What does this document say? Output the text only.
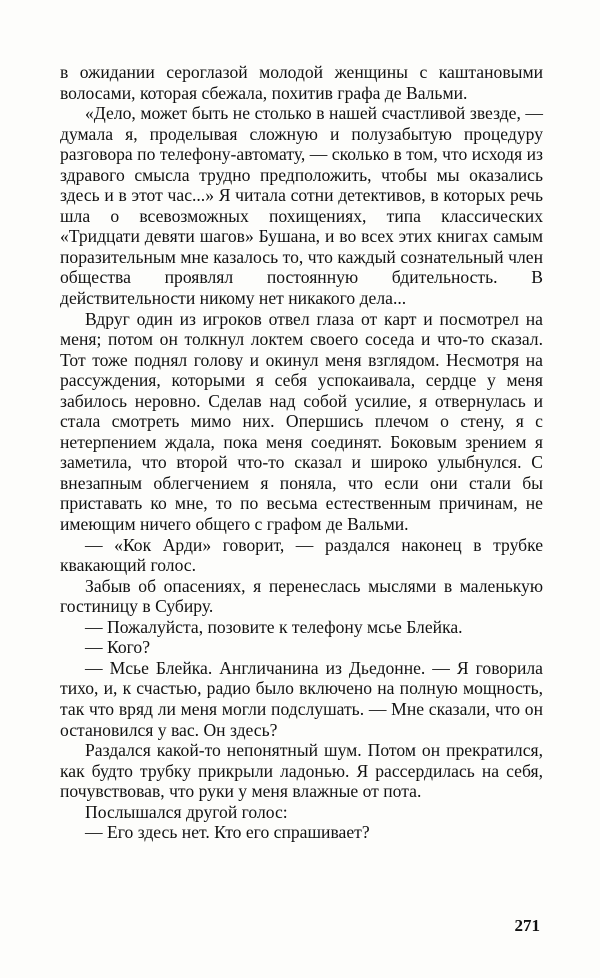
в ожидании сероглазой молодой женщины с каштановыми волосами, которая сбежала, похитив графа де Вальми.

«Дело, может быть не столько в нашей счастливой звезде, — думала я, проделывая сложную и полузабытую процедуру разговора по телефону-автомату, — сколько в том, что исходя из здравого смысла трудно предположить, чтобы мы оказались здесь и в этот час...» Я читала сотни детективов, в которых речь шла о всевозможных похищениях, типа классических «Тридцати девяти шагов» Бушана, и во всех этих книгах самым поразительным мне казалось то, что каждый сознательный член общества проявлял постоянную бдительность. В действительности никому нет никакого дела...

Вдруг один из игроков отвел глаза от карт и посмотрел на меня; потом он толкнул локтем своего соседа и что-то сказал. Тот тоже поднял голову и окинул меня взглядом. Несмотря на рассуждения, которыми я себя успокаивала, сердце у меня забилось неровно. Сделав над собой усилие, я отвернулась и стала смотреть мимо них. Опершись плечом о стену, я с нетерпением ждала, пока меня соединят. Боковым зрением я заметила, что второй что-то сказал и широко улыбнулся. С внезапным облегчением я поняла, что если они стали бы приставать ко мне, то по весьма естественным причинам, не имеющим ничего общего с графом де Вальми.

— «Кок Арди» говорит, — раздался наконец в трубке квакающий голос.

Забыв об опасениях, я перенеслась мыслями в маленькую гостиницу в Субиру.

— Пожалуйста, позовите к телефону мсье Блейка.

— Кого?

— Мсье Блейка. Англичанина из Дьедонне. — Я говорила тихо, и, к счастью, радио было включено на полную мощность, так что вряд ли меня могли подслушать. — Мне сказали, что он остановился у вас. Он здесь?

Раздался какой-то непонятный шум. Потом он прекратился, как будто трубку прикрыли ладонью. Я рассердилась на себя, почувствовав, что руки у меня влажные от пота.

Послышался другой голос:

— Его здесь нет. Кто его спрашивает?

271
